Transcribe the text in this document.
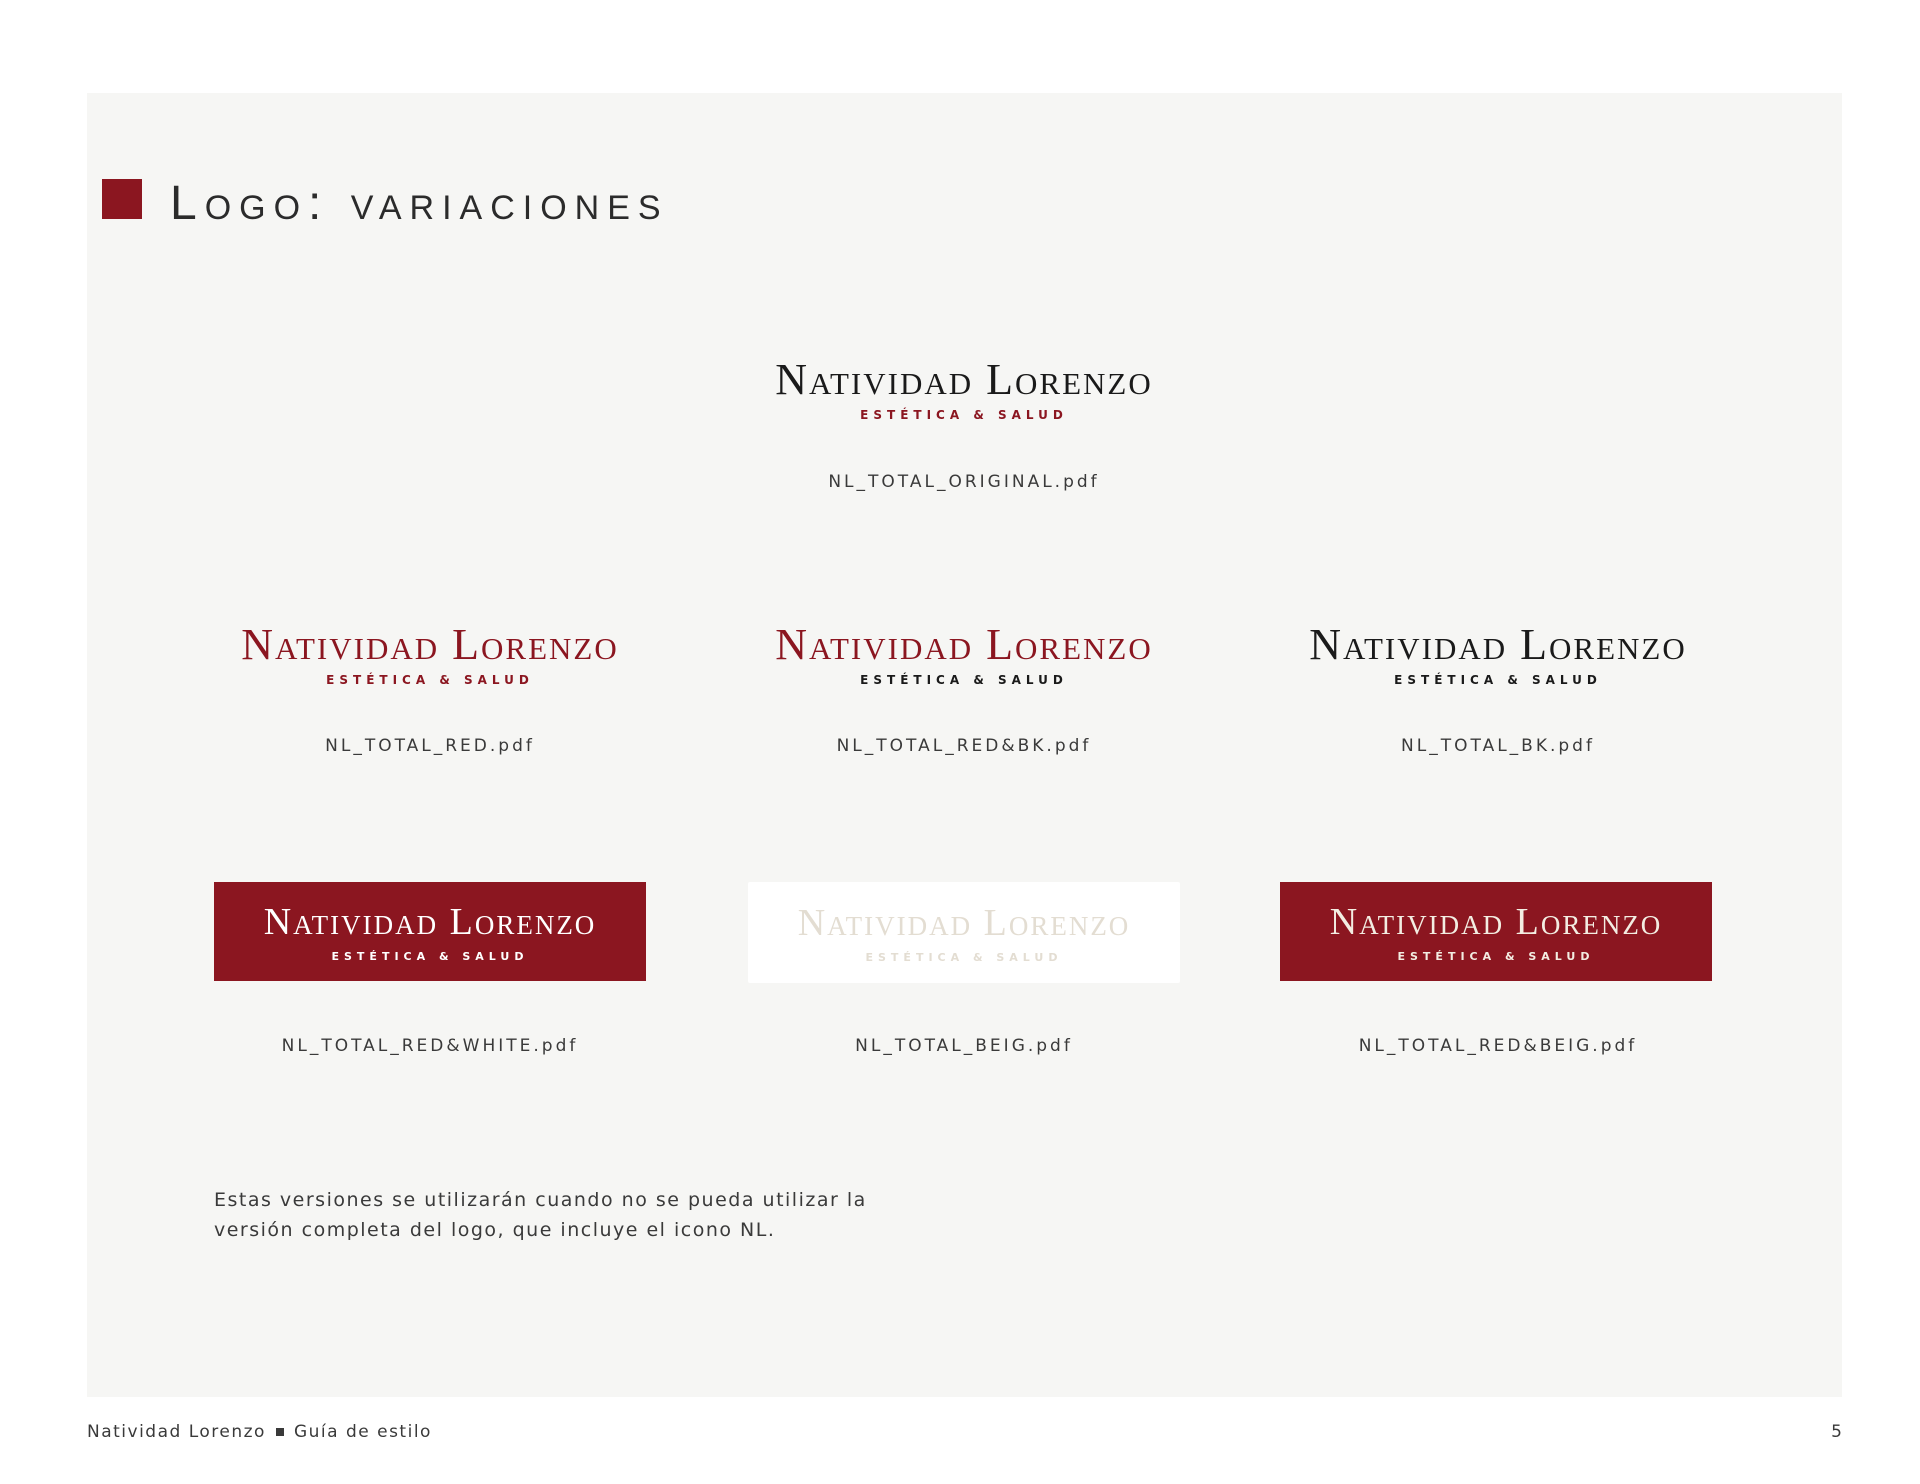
Logo: variaciones
Natividad Lorenzo
ESTÉTICA & SALUD
NL_TOTAL_ORIGINAL.pdf
Natividad Lorenzo
ESTÉTICA & SALUD
NL_TOTAL_RED.pdf
Natividad Lorenzo
ESTÉTICA & SALUD
NL_TOTAL_RED&BK.pdf
Natividad Lorenzo
ESTÉTICA & SALUD
NL_TOTAL_BK.pdf
Natividad Lorenzo
ESTÉTICA & SALUD
NL_TOTAL_RED&WHITE.pdf
Natividad Lorenzo
ESTÉTICA & SALUD
NL_TOTAL_BEIG.pdf
Natividad Lorenzo
ESTÉTICA & SALUD
NL_TOTAL_RED&BEIG.pdf
Estas versiones se utilizarán cuando no se pueda utilizar la
versión completa del logo, que incluye el icono NL.
Natividad Lorenzo Guía de estilo	5
